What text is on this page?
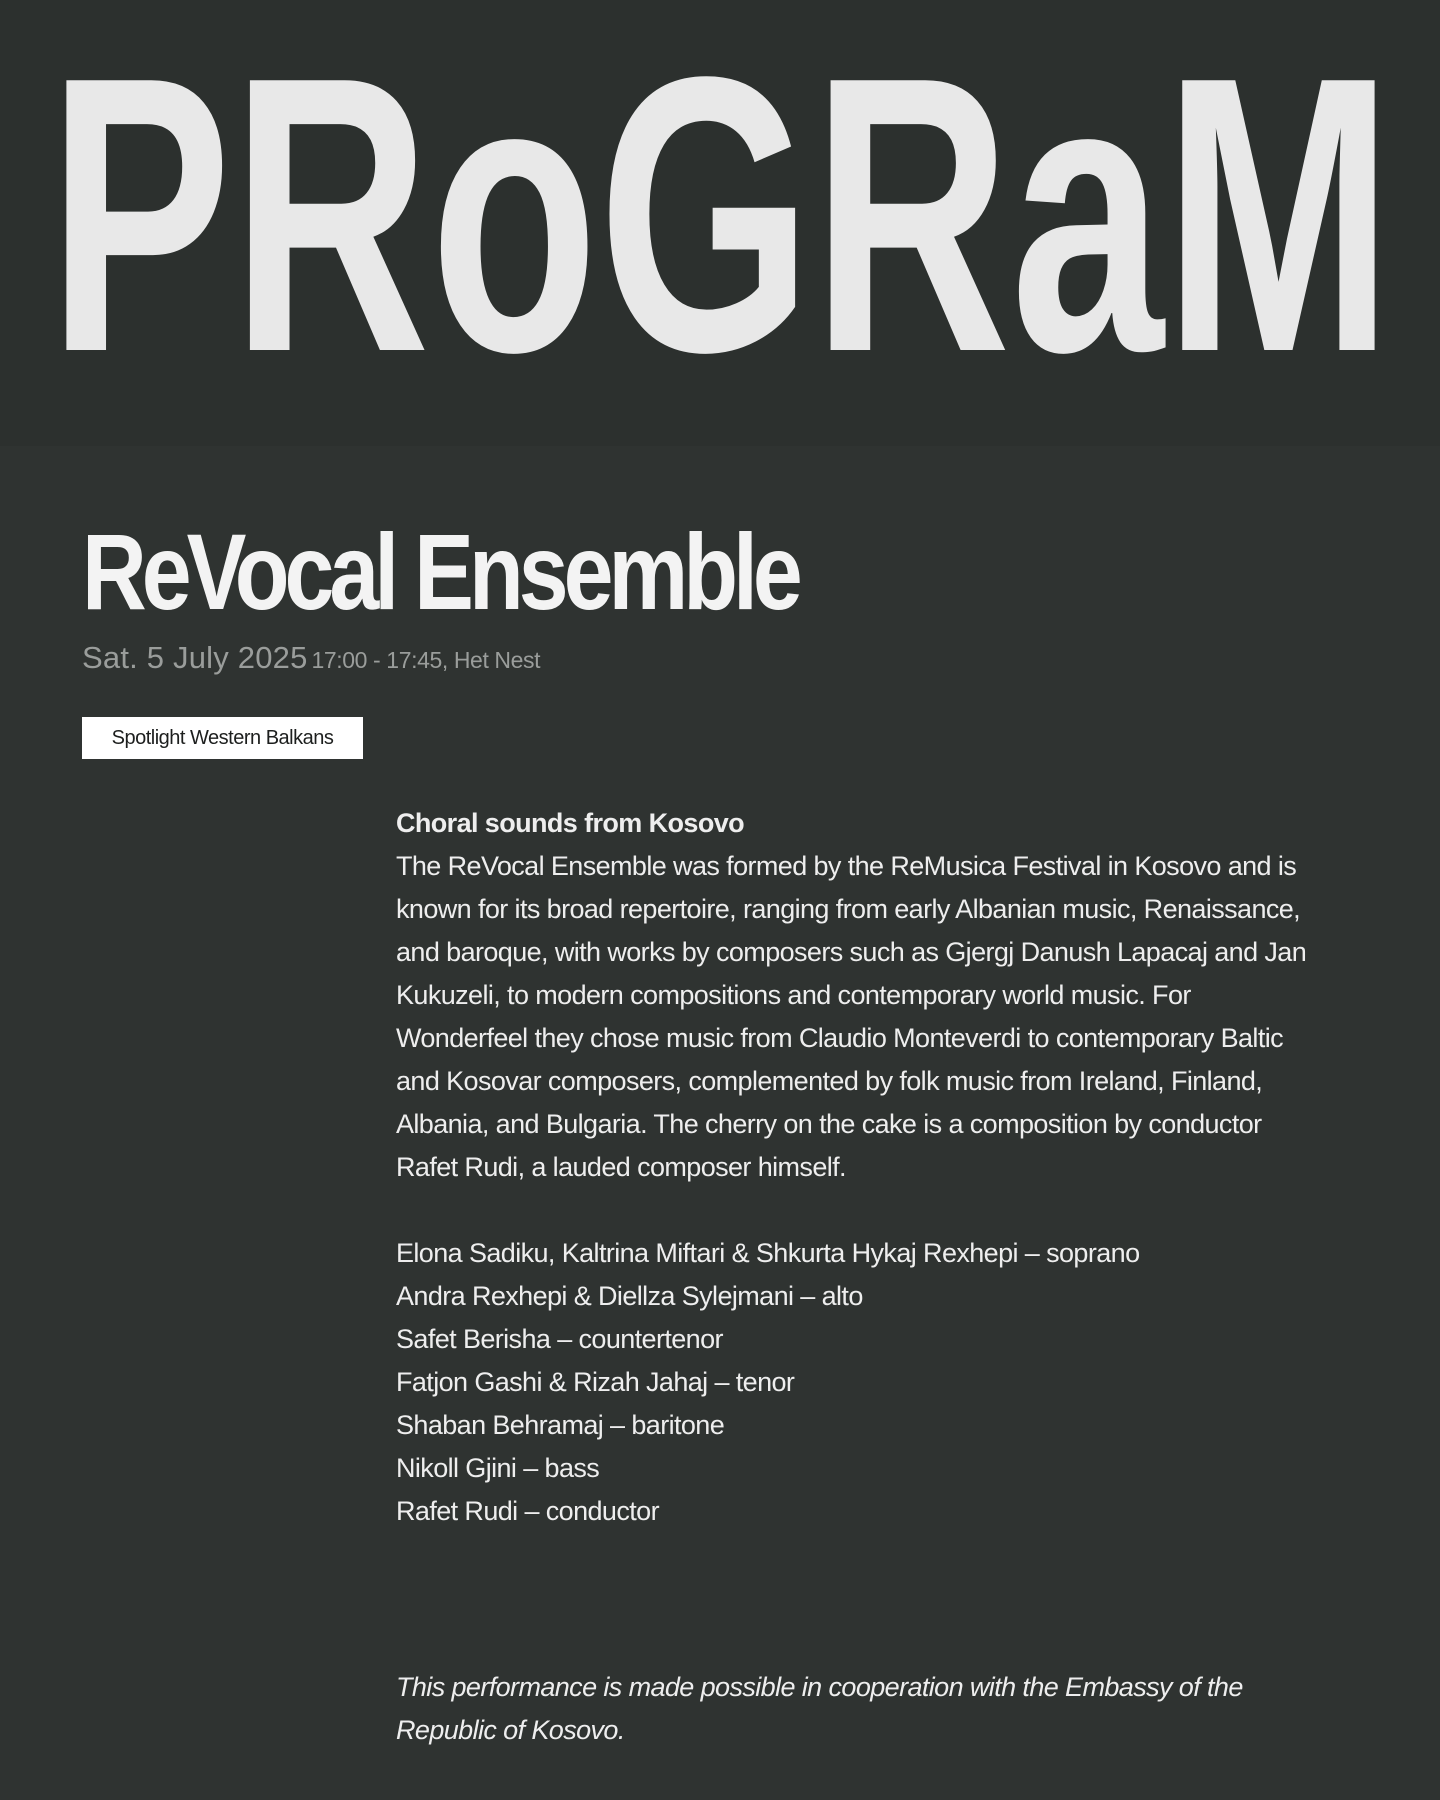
PRoGRaM
ReVocal Ensemble
Sat. 5 July 2025 17:00 - 17:45, Het Nest
Spotlight Western Balkans

Choral sounds from Kosovo

The ReVocal Ensemble was formed by the ReMusica Festival in Kosovo and is known for its broad repertoire, ranging from early Albanian music, Renaissance, and baroque, with works by composers such as Gjergj Danush Lapacaj and Jan Kukuzeli, to modern compositions and contemporary world music. For Wonderfeel they chose music from Claudio Monteverdi to contemporary Baltic and Kosovar composers, complemented by folk music from Ireland, Finland, Albania, and Bulgaria. The cherry on the cake is a composition by conductor Rafet Rudi, a lauded composer himself.

Elona Sadiku, Kaltrina Miftari & Shkurta Hykaj Rexhepi – soprano
Andra Rexhepi & Diellza Sylejmani – alto
Safet Berisha – countertenor
Fatjon Gashi & Rizah Jahaj – tenor
Shaban Behramaj – baritone
Nikoll Gjini – bass
Rafet Rudi – conductor

This performance is made possible in cooperation with the Embassy of the Republic of Kosovo.
